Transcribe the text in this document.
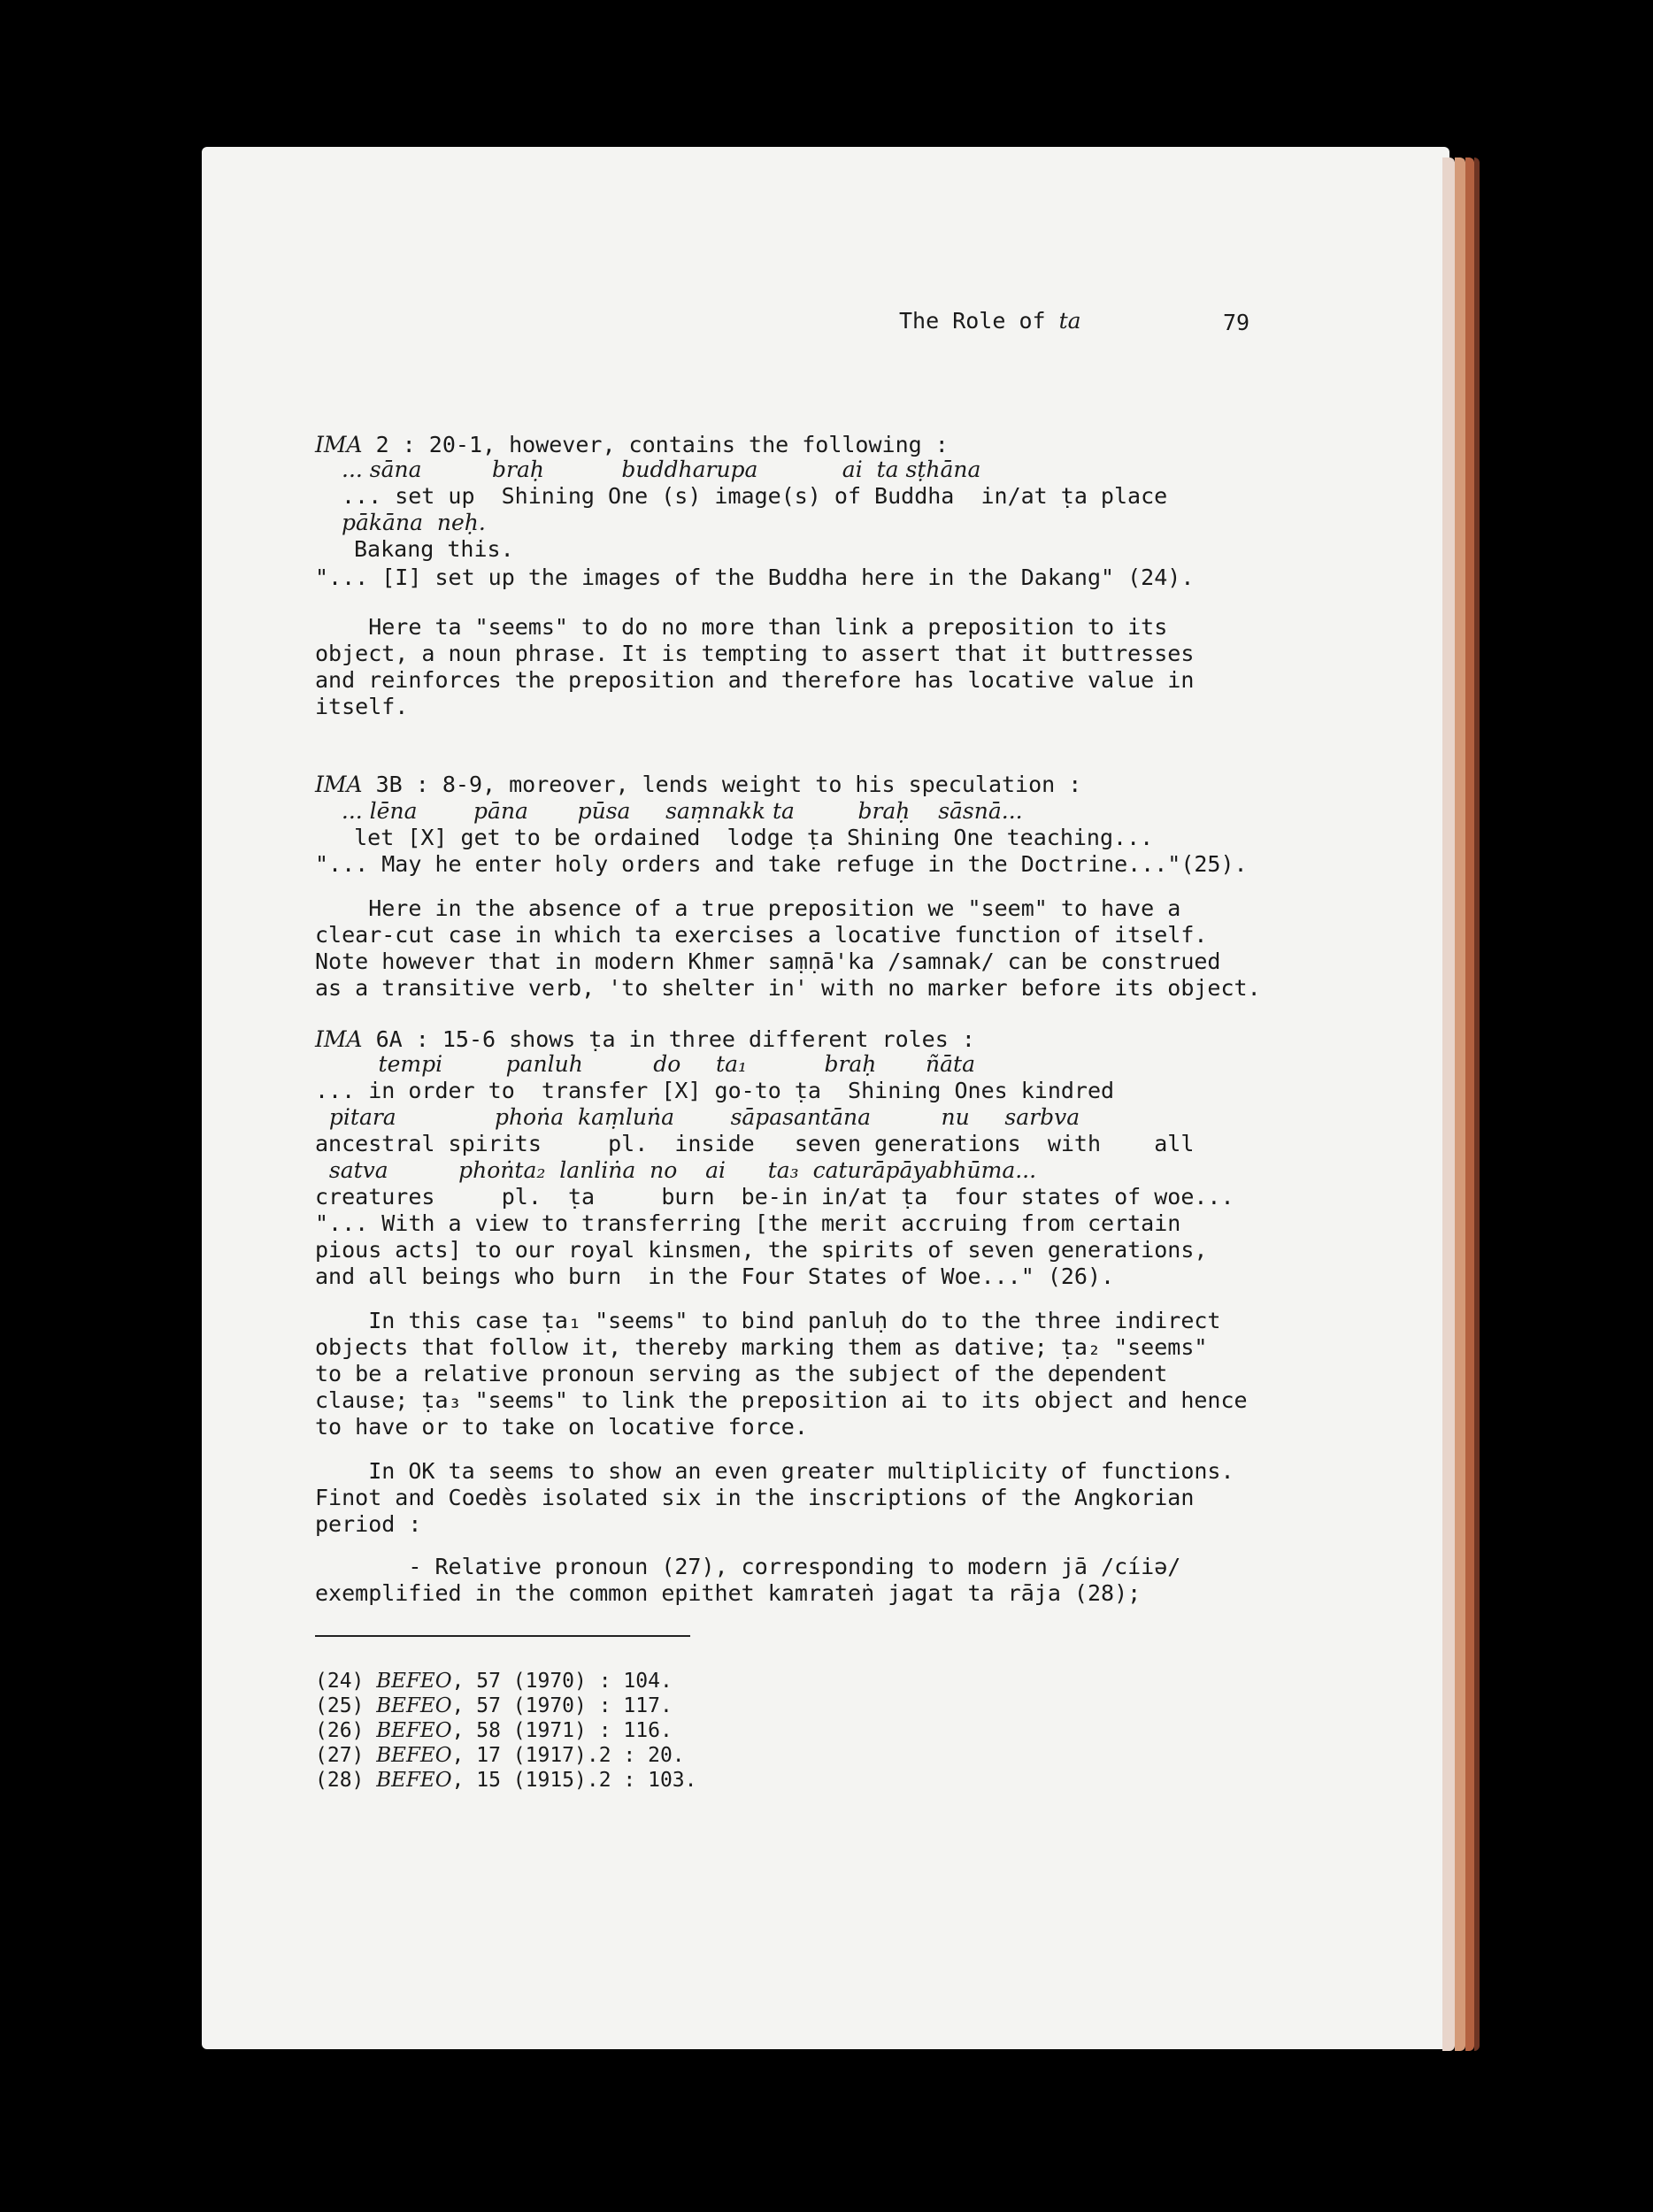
The Role of ta	79
IMA 2 : 20-1, however, contains the following :
... sāna          braḥ           buddharupa            ai  ta sṭhāna
... set up  Shining One (s) image(s) of Buddha  in/at ṭa place
pākāna  neḥ.
Bakang this.
"... [I] set up the images of the Buddha here in the Dakang" (24).
Here ta "seems" to do no more than link a preposition to its
object, a noun phrase. It is tempting to assert that it buttresses
and reinforces the preposition and therefore has locative value in
itself.
IMA 3B : 8-9, moreover, lends weight to his speculation :
... lēna        pāna       pūsa     saṃnakk ta         braḥ    sāsnā...
let [X] get to be ordained  lodge ṭa Shining One teaching...
"... May he enter holy orders and take refuge in the Doctrine..."(25).
Here in the absence of a true preposition we "seem" to have a
clear-cut case in which ta exercises a locative function of itself.
Note however that in modern Khmer saṃṇā'ka /samnak/ can be construed
as a transitive verb, 'to shelter in' with no marker before its object.
IMA 6A : 15-6 shows ṭa in three different roles :
tempi         panluh          do     ta₁           braḥ       ñāta
... in order to  transfer [X] go-to ṭa  Shining Ones kindred
pitara              phoṅa  kaṃluṅa        sāpasantāna          nu     sarbva
ancestral spirits     pl.  inside   seven generations  with    all
satva          phoṅta₂  lanliṅa  no    ai      ta₃  caturāpāyabhūma...
creatures     pl.  ṭa     burn  be-in in/at ṭa  four states of woe...
"... With a view to transferring [the merit accruing from certain
pious acts] to our royal kinsmen, the spirits of seven generations,
and all beings who burn  in the Four States of Woe..." (26).
In this case ṭa₁ "seems" to bind panluḥ do to the three indirect
objects that follow it, thereby marking them as dative; ṭa₂ "seems"
to be a relative pronoun serving as the subject of the dependent
clause; ṭa₃ "seems" to link the preposition ai to its object and hence
to have or to take on locative force.
In OK ta seems to show an even greater multiplicity of functions.
Finot and Coedès isolated six in the inscriptions of the Angkorian
period :
- Relative pronoun (27), corresponding to modern jā /cíiə/
exemplified in the common epithet kamrateṅ jagat ta rāja (28);
(24) BEFEO, 57 (1970) : 104.
(25) BEFEO, 57 (1970) : 117.
(26) BEFEO, 58 (1971) : 116.
(27) BEFEO, 17 (1917).2 : 20.
(28) BEFEO, 15 (1915).2 : 103.
